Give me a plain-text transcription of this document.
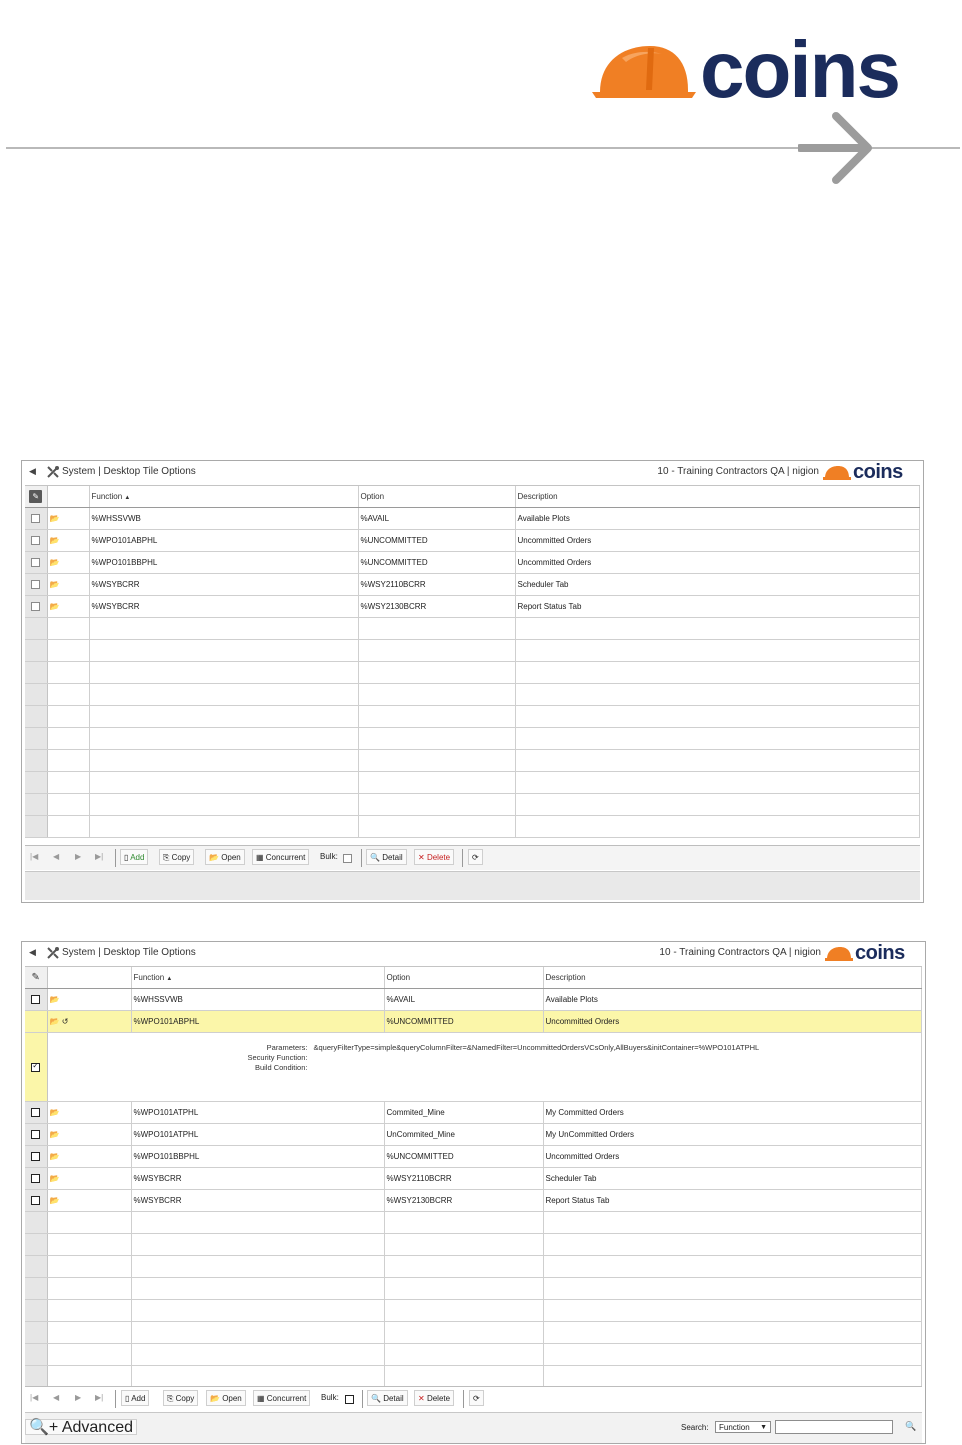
coins
◀	System | Desktop Tile Options	10 - Training Contractors QA | nigion coins
✎		Function ▲	Option	Description
	📂	%WHSSVWB	%AVAIL	Available Plots
	📂	%WPO101ABPHL	%UNCOMMITTED	Uncommitted Orders
	📂	%WPO101BBPHL	%UNCOMMITTED	Uncommitted Orders
	📂	%WSYBCRR	%WSY2110BCRR	Scheduler Tab
	📂	%WSYBCRR	%WSY2130BCRR	Report Status Tab

|◀ ◀ ▶ ▶|	▯ Add	⎘ Copy	📂 Open	▦ Concurrent	Bulk:	🔍 Detail	✕ Delete	⟳
◀	System | Desktop Tile Options	10 - Training Contractors QA | nigion coins
✎		Function ▲	Option	Description
	📂	%WHSSVWB	%AVAIL	Available Plots
	📂 ↺	%WPO101ABPHL	%UNCOMMITTED	Uncommitted Orders
✓	
Parameters: &queryFilterType=simple&queryColumnFilter=&NamedFilter=UncommittedOrdersVCsOnly,AllBuyers&initContainer=%WPO101ATPHL
Security Function:
Build Condition:			

	📂	%WPO101ATPHL	Commited_Mine	My Committed Orders
	📂	%WPO101ATPHL	UnCommited_Mine	My UnCommitted Orders
	📂	%WPO101BBPHL	%UNCOMMITTED	Uncommitted Orders
	📂	%WSYBCRR	%WSY2110BCRR	Scheduler Tab
	📂	%WSYBCRR	%WSY2130BCRR	Report Status Tab

|◀ ◀ ▶ ▶|	▯ Add	⎘ Copy	📂 Open	▦ Concurrent	Bulk:	🔍 Detail	✕ Delete	⟳
🔍+ Advanced	Search:	Function ▼	🔍
